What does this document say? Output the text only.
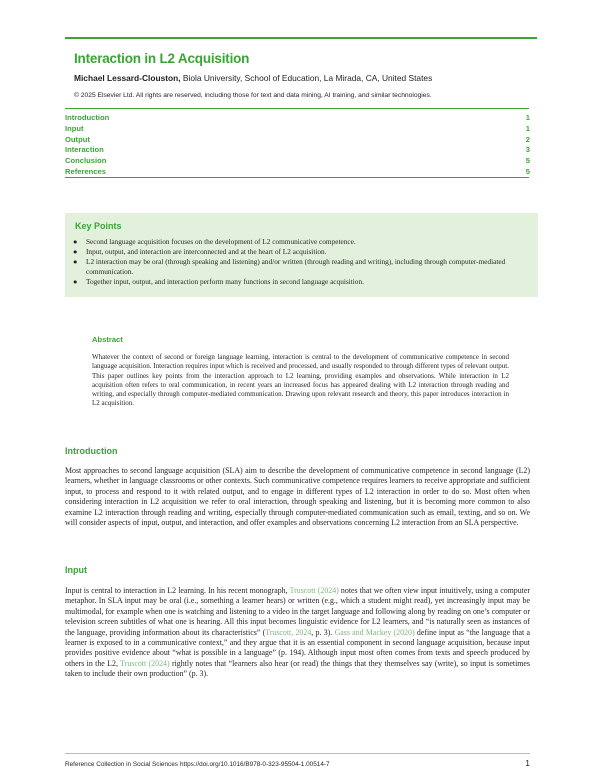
Interaction in L2 Acquisition

Michael Lessard-Clouston, Biola University, School of Education, La Mirada, CA, United States

© 2025 Elsevier Ltd. All rights are reserved, including those for text and data mining, AI training, and similar technologies.

Introduction	1
Input	1
Output	2
Interaction	3
Conclusion	5
References	5
Key Points
●	Second language acquisition focuses on the development of L2 communicative competence.
●	Input, output, and interaction are interconnected and at the heart of L2 acquisition.
●	L2 interaction may be oral (through speaking and listening) and/or written (through reading and writing), including through computer-mediated communication.
●	Together input, output, and interaction perform many functions in second language acquisition.
Abstract

Whatever the context of second or foreign language learning, interaction is central to the development of communicative competence in second language acquisition. Interaction requires input which is received and processed, and usually responded to through different types of relevant output. This paper outlines key points from the interaction approach to L2 learning, providing examples and observations. While interaction in L2 acquisition often refers to oral communication, in recent years an increased focus has appeared dealing with L2 interaction through reading and writing, and especially through computer-mediated communication. Drawing upon relevant research and theory, this paper introduces interaction in L2 acquisition.

Introduction

Most approaches to second language acquisition (SLA) aim to describe the development of communicative competence in second language (L2) learners, whether in language classrooms or other contexts. Such communicative competence requires learners to receive appropriate and sufficient input, to process and respond to it with related output, and to engage in different types of L2 interaction in order to do so. Most often when considering interaction in L2 acquisition we refer to oral interaction, through speaking and listening, but it is becoming more common to also examine L2 interaction through reading and writing, especially through computer-mediated communication such as email, texting, and so on. We will consider aspects of input, output, and interaction, and offer examples and observations concerning L2 interaction from an SLA perspective.

Input

Input is central to interaction in L2 learning. In his recent monograph, Truscott (2024) notes that we often view input intuitively, using a computer metaphor. In SLA input may be oral (i.e., something a learner hears) or written (e.g., which a student might read), yet increasingly input may be multimodal, for example when one is watching and listening to a video in the target language and following along by reading on one’s computer or television screen subtitles of what one is hearing. All this input becomes linguistic evidence for L2 learners, and “is naturally seen as instances of the language, providing information about its characteristics” (Truscott, 2024, p. 3). Gass and Mackey (2020) define input as “the language that a learner is exposed to in a communicative context,” and they argue that it is an essential component in second language acquisition, because input provides positive evidence about “what is possible in a language” (p. 194). Although input most often comes from texts and speech produced by others in the L2, Truscott (2024) rightly notes that “learners also hear (or read) the things that they themselves say (write), so input is sometimes taken to include their own production” (p. 3).

Reference Collection in Social Sciences https://doi.org/10.1016/B978-0-323-95504-1.00514-7	1
